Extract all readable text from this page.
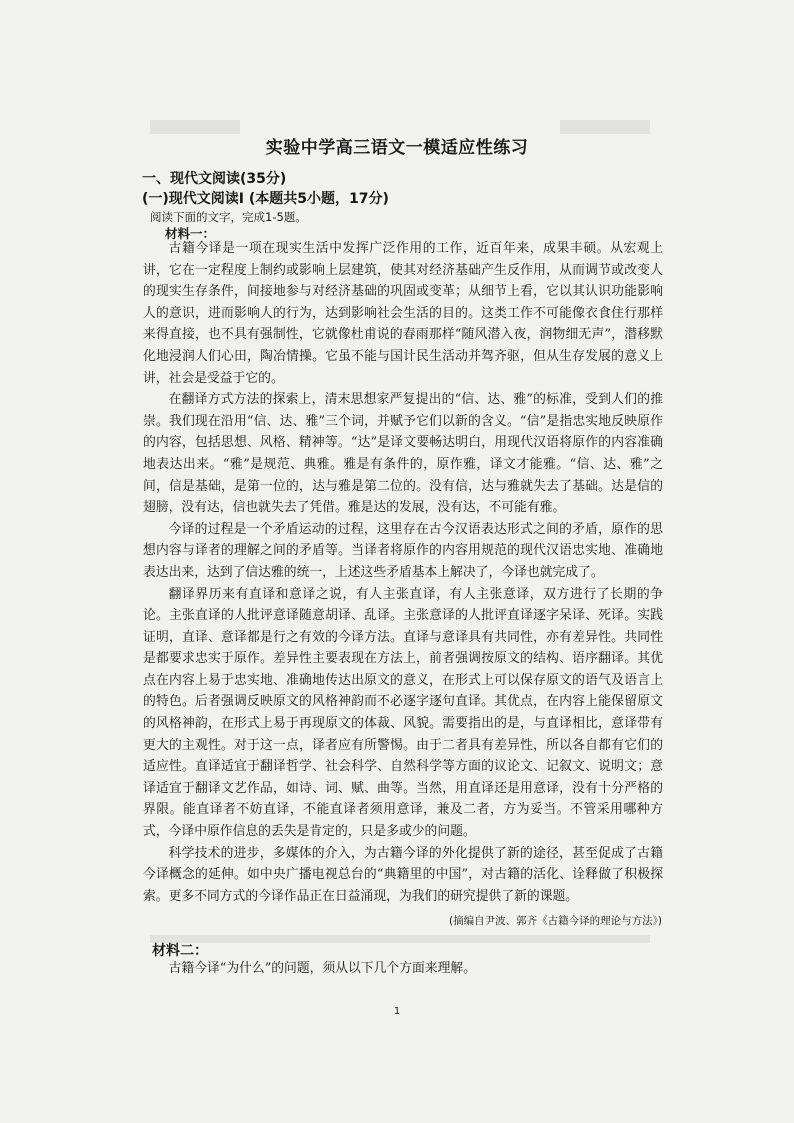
实验中学高三语文一模适应性练习
一、现代文阅读(35分)
(一)现代文阅读Ⅰ (本题共5小题，17分)
阅读下面的文字，完成1-5题。
材料一：

古籍今译是一项在现实生活中发挥广泛作用的工作，近百年来，成果丰硕。从宏观上讲，它在一定程度上制约或影响上层建筑，使其对经济基础产生反作用，从而调节或改变人的现实生存条件，间接地参与对经济基础的巩固或变革；从细节上看，它以其认识功能影响人的意识，进而影响人的行为，达到影响社会生活的目的。这类工作不可能像衣食住行那样来得直接，也不具有强制性，它就像杜甫说的春雨那样“随风潜入夜，润物细无声”，潜移默化地浸润人们心田，陶冶情操。它虽不能与国计民生活动并驾齐驱，但从生存发展的意义上讲，社会是受益于它的。

在翻译方式方法的探索上，清末思想家严复提出的“信、达、雅”的标准，受到人们的推崇。我们现在沿用“信、达、雅”三个词，并赋予它们以新的含义。“信”是指忠实地反映原作的内容，包括思想、风格、精神等。“达”是译文要畅达明白，用现代汉语将原作的内容准确地表达出来。“雅”是规范、典雅。雅是有条件的，原作雅，译文才能雅。“信、达、雅”之间，信是基础，是第一位的，达与雅是第二位的。没有信，达与雅就失去了基础。达是信的翅膀，没有达，信也就失去了凭借。雅是达的发展，没有达，不可能有雅。

今译的过程是一个矛盾运动的过程，这里存在古今汉语表达形式之间的矛盾，原作的思想内容与译者的理解之间的矛盾等。当译者将原作的内容用规范的现代汉语忠实地、准确地表达出来，达到了信达雅的统一，上述这些矛盾基本上解决了，今译也就完成了。

翻译界历来有直译和意译之说，有人主张直译，有人主张意译，双方进行了长期的争论。主张直译的人批评意译随意胡译、乱译。主张意译的人批评直译逐字呆译、死译。实践证明，直译、意译都是行之有效的今译方法。直译与意译具有共同性，亦有差异性。共同性是都要求忠实于原作。差异性主要表现在方法上，前者强调按原文的结构、语序翻译。其优点在内容上易于忠实地、准确地传达出原文的意义，在形式上可以保存原文的语气及语言上的特色。后者强调反映原文的风格神韵而不必逐字逐句直译。其优点，在内容上能保留原文的风格神韵，在形式上易于再现原文的体裁、风貌。需要指出的是，与直译相比，意译带有更大的主观性。对于这一点，译者应有所警惕。由于二者具有差异性，所以各自都有它们的适应性。直译适宜于翻译哲学、社会科学、自然科学等方面的议论文、记叙文、说明文；意译适宜于翻译文艺作品，如诗、词、赋、曲等。当然，用直译还是用意译，没有十分严格的界限。能直译者不妨直译，不能直译者须用意译，兼及二者，方为妥当。不管采用哪种方式，今译中原作信息的丢失是肯定的，只是多或少的问题。

科学技术的进步，多媒体的介入，为古籍今译的外化提供了新的途径，甚至促成了古籍今译概念的延伸。如中央广播电视总台的“典籍里的中国”，对古籍的活化、诠释做了积极探索。更多不同方式的今译作品正在日益涌现，为我们的研究提供了新的课题。

(摘编自尹波、郭齐《古籍今译的理论与方法》)
材料二：
古籍今译“为什么”的问题，须从以下几个方面来理解。
1
